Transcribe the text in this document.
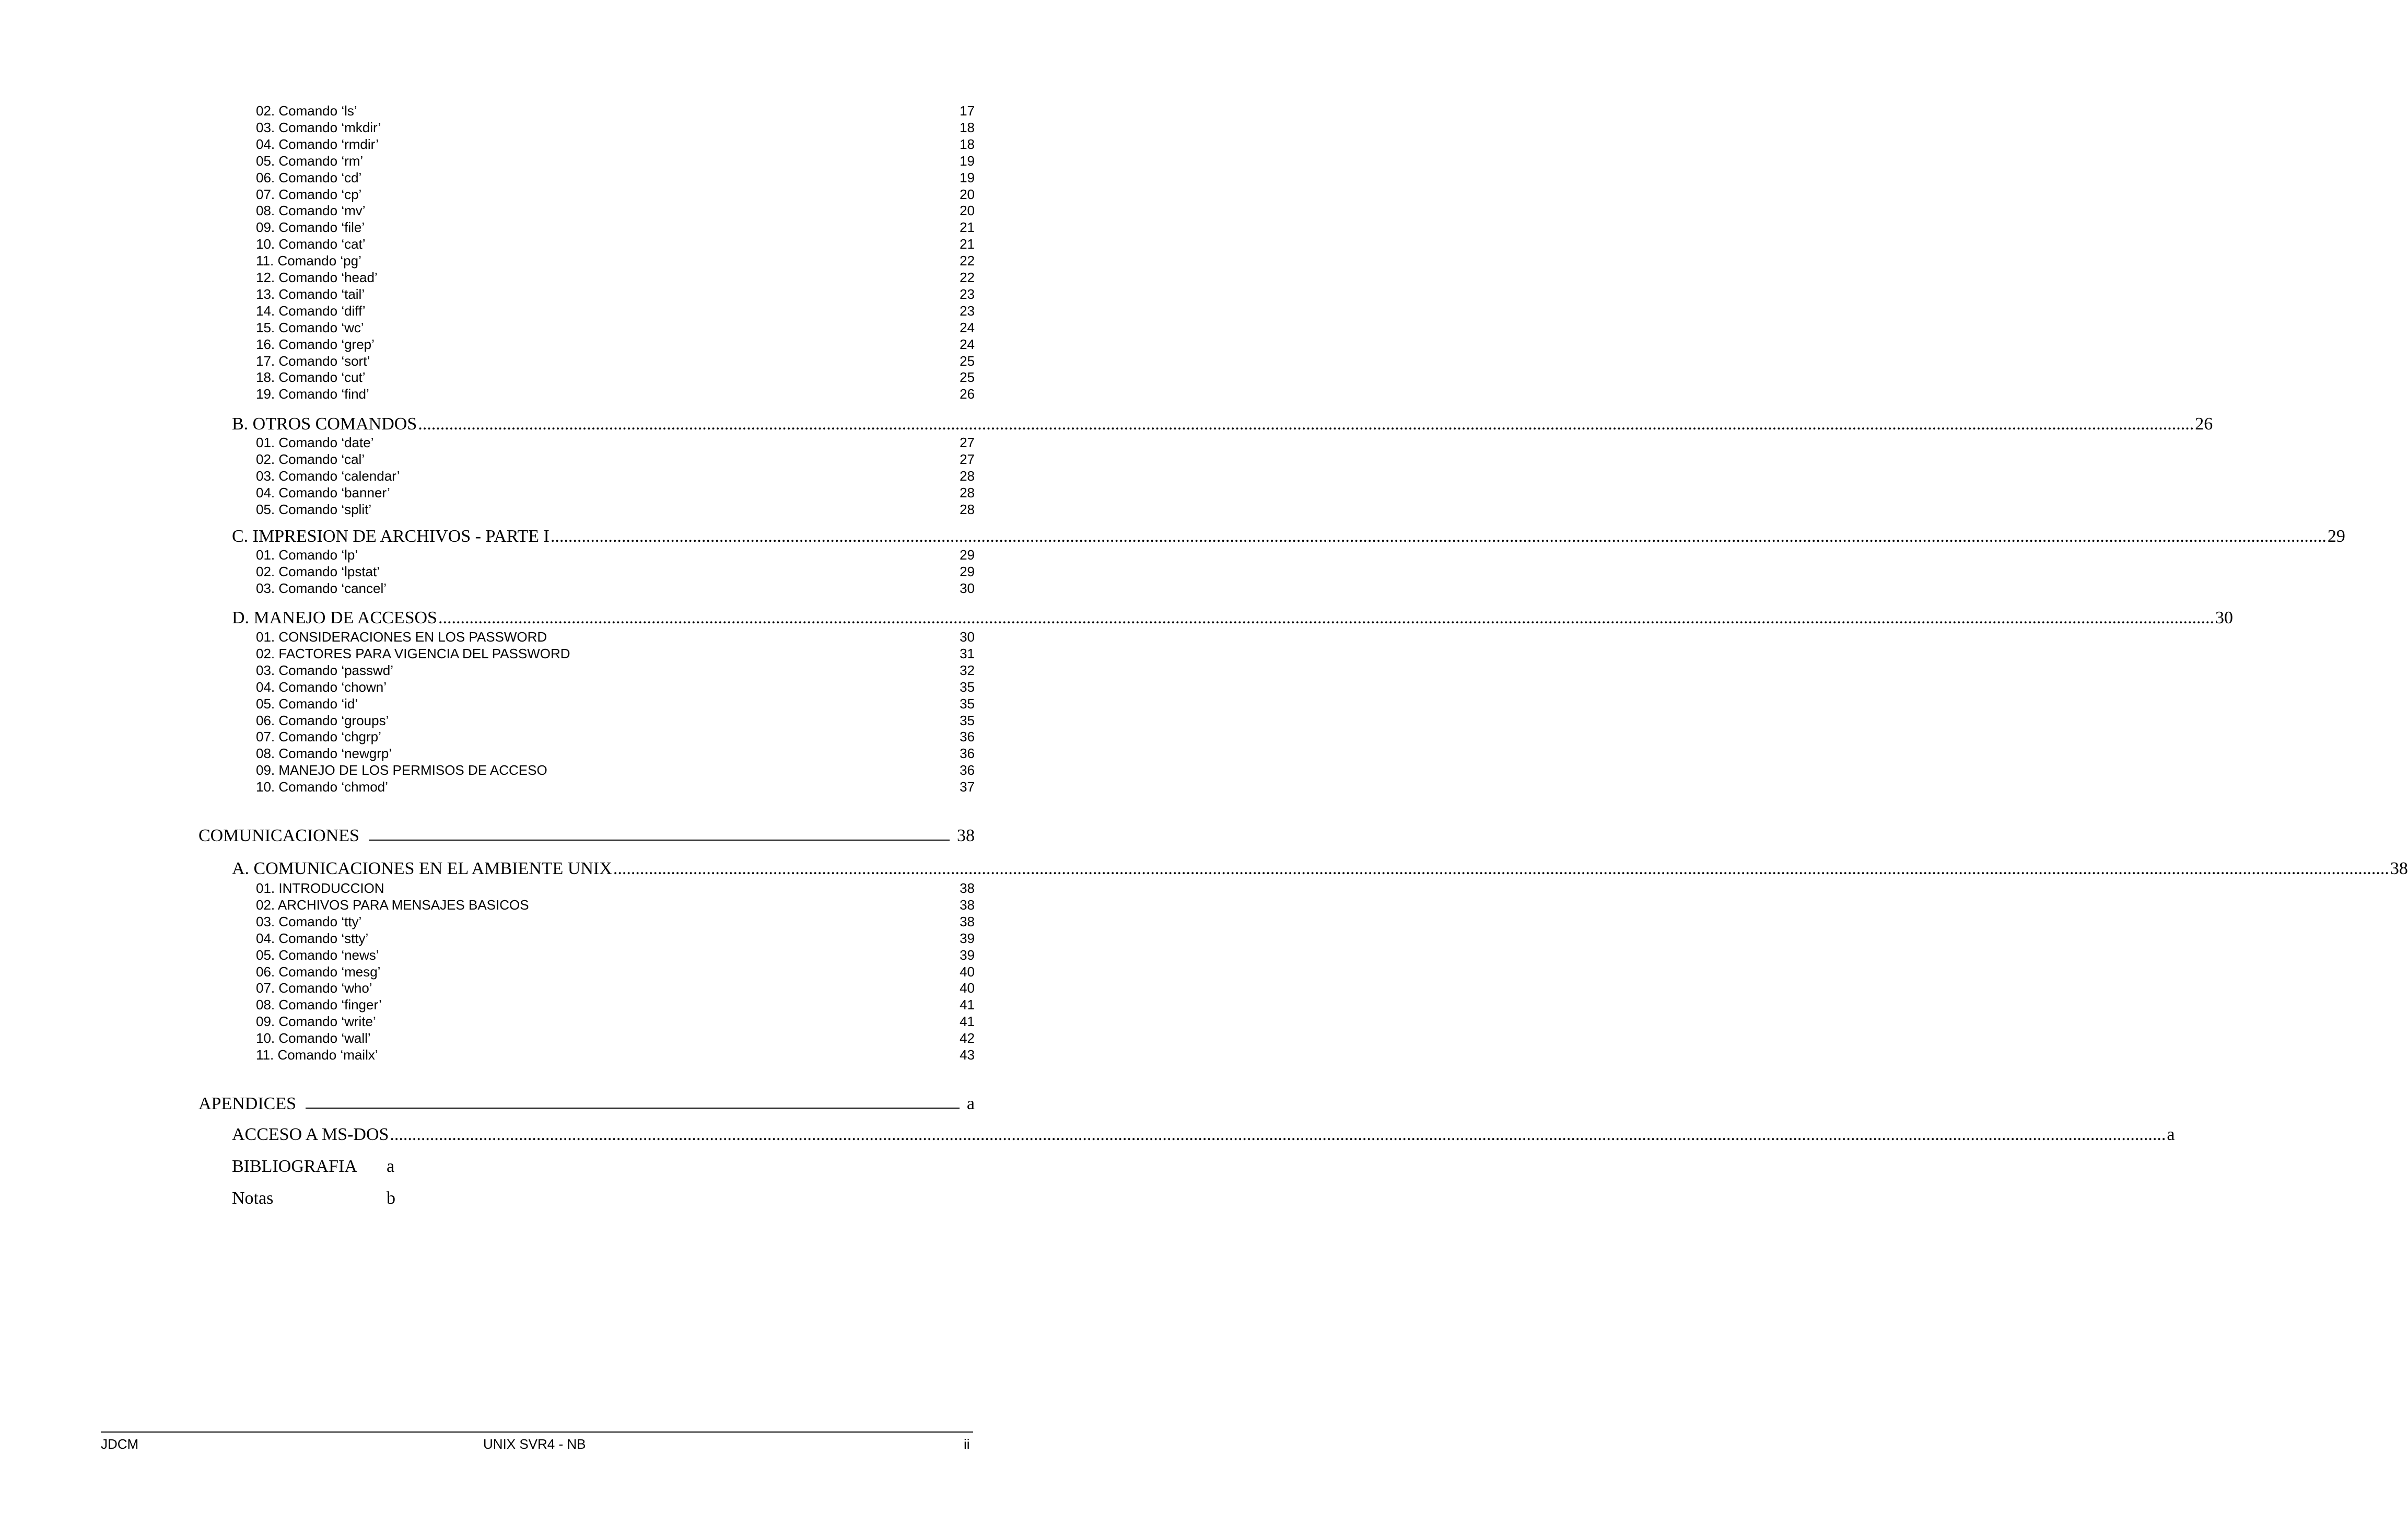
02. Comando ‘ls’	17
03. Comando ‘mkdir’	18
04. Comando ‘rmdir’	18
05. Comando ‘rm’	19
06. Comando ‘cd’	19
07. Comando ‘cp’	20
08. Comando ‘mv’	20
09. Comando ‘file’	21
10. Comando ‘cat’	21
11. Comando ‘pg’	22
12. Comando ‘head’	22
13. Comando ‘tail’	23
14. Comando ‘diff’	23
15. Comando ‘wc’	24
16. Comando ‘grep’	24
17. Comando ‘sort’	25
18. Comando ‘cut’	25
19. Comando ‘find’	26
B. OTROS COMANDOS ................................................................................................................................................................................................................................................................................................................................................................................................................ 26
01. Comando ‘date’	27
02. Comando ‘cal’	27
03. Comando ‘calendar’	28
04. Comando ‘banner’	28
05. Comando ‘split’	28
C. IMPRESION DE ARCHIVOS - PARTE I ................................................................................................................................................................................................................................................................................................................................................................................................................ 29
01. Comando ‘lp’	29
02. Comando ‘lpstat’	29
03. Comando ‘cancel’	30
D. MANEJO DE ACCESOS ................................................................................................................................................................................................................................................................................................................................................................................................................ 30
01. CONSIDERACIONES EN LOS PASSWORD	30
02. FACTORES PARA VIGENCIA DEL PASSWORD	31
03. Comando ‘passwd’	32
04. Comando ‘chown’	35
05. Comando ‘id’	35
06. Comando ‘groups’	35
07. Comando ‘chgrp’	36
08. Comando ‘newgrp’	36
09. MANEJO DE LOS PERMISOS DE ACCESO	36
10. Comando ‘chmod’	37
COMUNICACIONES	38
A. COMUNICACIONES EN EL AMBIENTE UNIX ................................................................................................................................................................................................................................................................................................................................................................................................................ 38
01. INTRODUCCION	38
02. ARCHIVOS PARA MENSAJES BASICOS	38
03. Comando ‘tty’	38
04. Comando ‘stty’	39
05. Comando ‘news’	39
06. Comando ‘mesg’	40
07. Comando ‘who’	40
08. Comando ‘finger’	41
09. Comando ‘write’	41
10. Comando ‘wall’	42
11. Comando ‘mailx’	43
APENDICES	a
ACCESO A MS-DOS ................................................................................................................................................................................................................................................................................................................................................................................................................ a
BIBLIOGRAFIA a
Notas	b
JDCM	UNIX SVR4 - NB	ii
